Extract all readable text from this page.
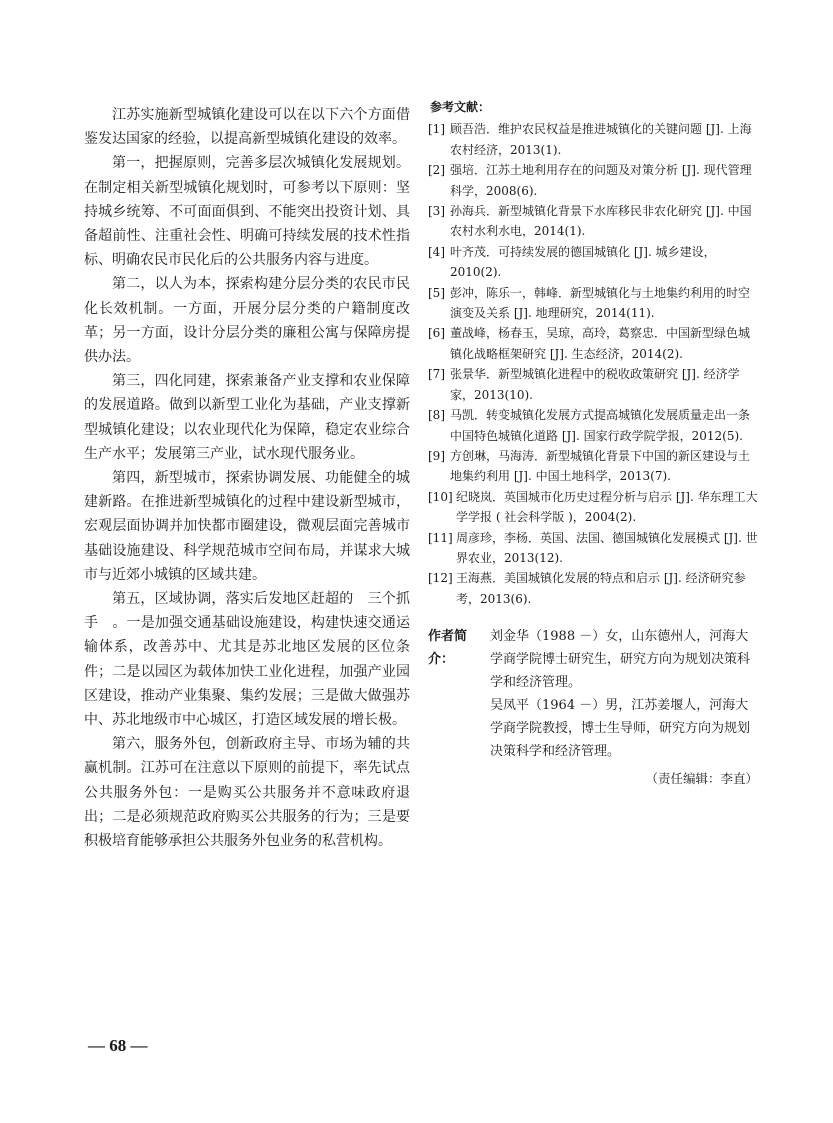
江苏实施新型城镇化建设可以在以下六个方面借鉴发达国家的经验，以提高新型城镇化建设的效率。

第一，把握原则，完善多层次城镇化发展规划。在制定相关新型城镇化规划时，可参考以下原则：坚持城乡统筹、不可面面俱到、不能突出投资计划、具备超前性、注重社会性、明确可持续发展的技术性指标、明确农民市民化后的公共服务内容与进度。

第二，以人为本，探索构建分层分类的农民市民化长效机制。一方面，开展分层分类的户籍制度改革；另一方面，设计分层分类的廉租公寓与保障房提供办法。

第三，四化同建，探索兼备产业支撑和农业保障的发展道路。做到以新型工业化为基础，产业支撑新型城镇化建设；以农业现代化为保障，稳定农业综合生产水平；发展第三产业，试水现代服务业。

第四，新型城市，探索协调发展、功能健全的城建新路。在推进新型城镇化的过程中建设新型城市，宏观层面协调并加快都市圈建设，微观层面完善城市基础设施建设、科学规范城市空间布局，并谋求大城市与近郊小城镇的区域共建。

第五，区域协调，落实后发地区赶超的　三个抓手　。一是加强交通基础设施建设，构建快速交通运输体系，改善苏中、尤其是苏北地区发展的区位条件；二是以园区为载体加快工业化进程，加强产业园区建设，推动产业集聚、集约发展；三是做大做强苏中、苏北地级市中心城区，打造区域发展的增长极。

第六，服务外包，创新政府主导、市场为辅的共赢机制。江苏可在注意以下原则的前提下，率先试点公共服务外包：一是购买公共服务并不意味政府退出；二是必须规范政府购买公共服务的行为；三是要积极培育能够承担公共服务外包业务的私营机构。

参考文献：
[1] 顾吾浩．维护农民权益是推进城镇化的关键问题 [J]. 上海农村经济，2013(1).
[2] 强培．江苏土地利用存在的问题及对策分析 [J]. 现代管理科学，2008(6).
[3] 孙海兵．新型城镇化背景下水库移民非农化研究 [J]. 中国农村水利水电，2014(1).
[4] 叶齐茂．可持续发展的德国城镇化 [J]. 城乡建设，2010(2).
[5] 彭冲，陈乐一，韩峰．新型城镇化与土地集约利用的时空演变及关系 [J]. 地理研究，2014(11).
[6] 董战峰，杨春玉，吴琼，高玲，葛察忠．中国新型绿色城镇化战略框架研究 [J]. 生态经济，2014(2).
[7] 张景华．新型城镇化进程中的税收政策研究 [J]. 经济学家，2013(10).
[8] 马凯．转变城镇化发展方式提高城镇化发展质量走出一条中国特色城镇化道路 [J]. 国家行政学院学报，2012(5).
[9] 方创琳，马海涛．新型城镇化背景下中国的新区建设与土地集约利用 [J]. 中国土地科学，2013(7).
[10] 纪晓岚．英国城市化历史过程分析与启示 [J]. 华东理工大学学报 ( 社会科学版 )，2004(2).
[11] 周彦珍，李杨．英国、法国、德国城镇化发展模式 [J]. 世界农业，2013(12).
[12] 王海燕．美国城镇化发展的特点和启示 [J]. 经济研究参考，2013(6).
作者简介：

刘金华（1988 －）女，山东德州人，河海大学商学院博士研究生，研究方向为规划决策科学和经济管理。

吴凤平（1964 －）男，江苏姜堰人，河海大学商学院教授，博士生导师，研究方向为规划决策科学和经济管理。

（责任编辑：李直）
— 68 —
